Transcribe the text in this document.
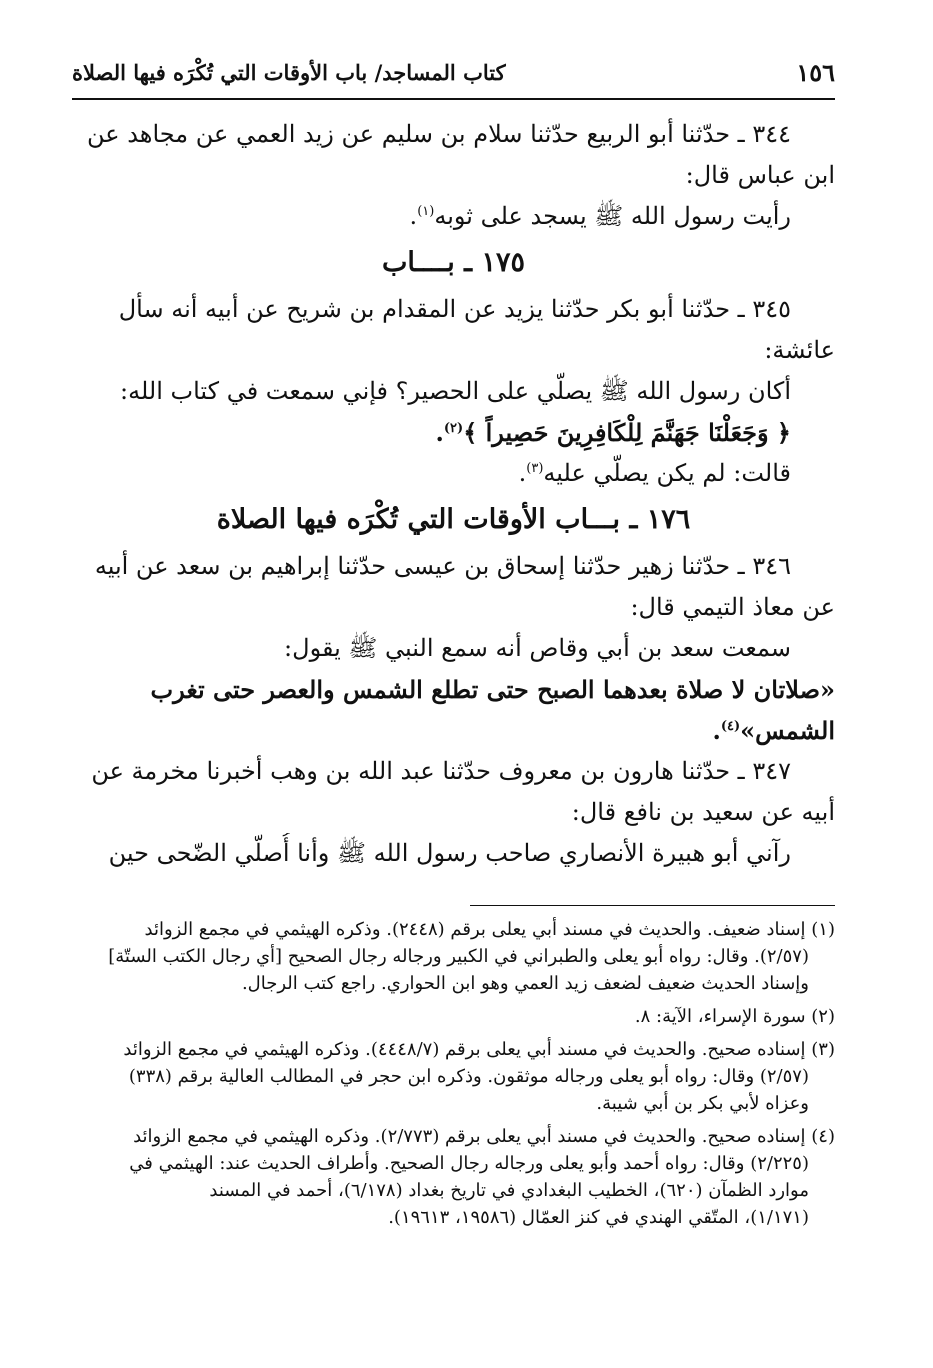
١٥٦
كتاب المساجد/ باب الأوقات التي تُكْرَه فيها الصلاة
٣٤٤ ـ حدّثنا أبو الربيع حدّثنا سلام بن سليم عن زيد العمي عن مجاهد عن
ابن عباس قال:
رأيت رسول الله ﷺ يسجد على ثوبه$^{(١)}$.
١٧٥ ـ بــــاب
٣٤٥ ـ حدّثنا أبو بكر حدّثنا يزيد عن المقدام بن شريح عن أبيه أنه سأل
عائشة:
أكان رسول الله ﷺ يصلّي على الحصير؟ فإني سمعت في كتاب الله:
﴿ وَجَعَلْنَا جَهَنَّمَ لِلْكَافِرِينَ حَصِيراً ﴾$^{(٢)}$.
قالت: لم يكن يصلّي عليه$^{(٣)}$.
١٧٦ ـ بـــاب الأوقات التي تُكْرَه فيها الصلاة
٣٤٦ ـ حدّثنا زهير حدّثنا إسحاق بن عيسى حدّثنا إبراهيم بن سعد عن أبيه
عن معاذ التيمي قال:
سمعت سعد بن أبي وقاص أنه سمع النبي ﷺ يقول:
«صلاتان لا صلاة بعدهما الصبح حتى تطلع الشمس والعصر حتى تغرب
الشمس»$^{(٤)}$.
٣٤٧ ـ حدّثنا هارون بن معروف حدّثنا عبد الله بن وهب أخبرنا مخرمة عن
أبيه عن سعيد بن نافع قال:
رآني أبو هبيرة الأنصاري صاحب رسول الله ﷺ وأنا أُصلّي الضّحى حين
(١) إسناد ضعيف. والحديث في مسند أبي يعلى برقم (٢٤٤٨). وذكره الهيثمي في مجمع الزوائد
(٢/٥٧). وقال: رواه أبو يعلى والطبراني في الكبير ورجاله رجال الصحيح [أي رجال الكتب الستّة]
وإسناد الحديث ضعيف لضعف زيد العمي وهو ابن الحواري. راجع كتب الرجال.
(٢) سورة الإسراء، الآية: ٨.
(٣) إسناده صحيح. والحديث في مسند أبي يعلى برقم (٤٤٤٨/٧). وذكره الهيثمي في مجمع الزوائد
(٢/٥٧) وقال: رواه أبو يعلى ورجاله موثقون. وذكره ابن حجر في المطالب العالية برقم (٣٣٨)
وعزاه لأبي بكر بن أبي شيبة.
(٤) إسناده صحيح. والحديث في مسند أبي يعلى برقم (٢/٧٧٣). وذكره الهيثمي في مجمع الزوائد
(٢/٢٢٥) وقال: رواه أحمد وأبو يعلى ورجاله رجال الصحيح. وأطراف الحديث عند: الهيثمي في
موارد الظمآن (٦٢٠)، الخطيب البغدادي في تاريخ بغداد (٦/١٧٨)، أحمد في المسند
(١/١٧١)، المتّقي الهندي في كنز العمّال (١٩٥٨٦، ١٩٦١٣).
